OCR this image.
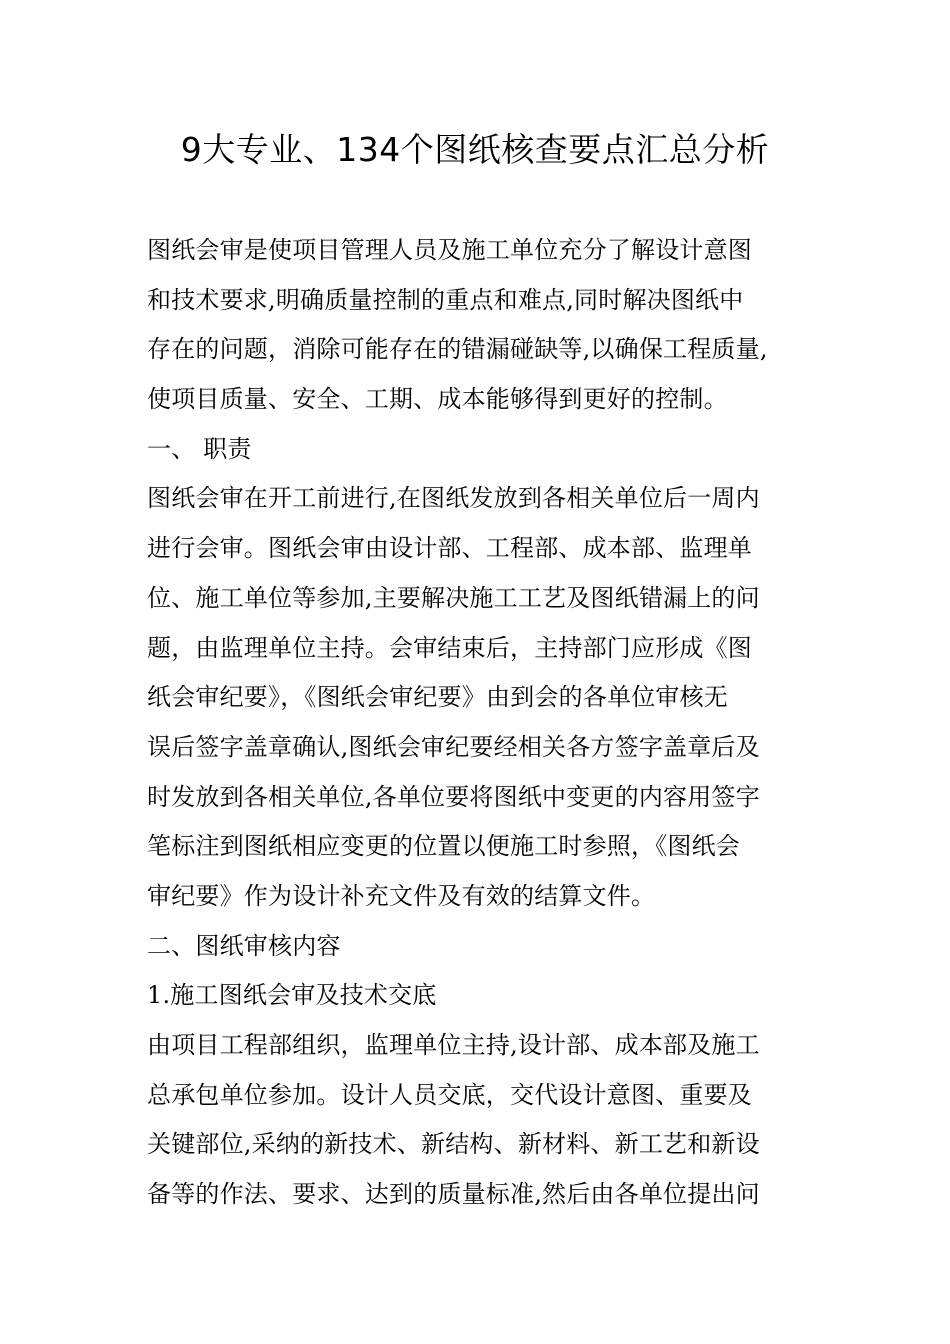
9大专业、134个图纸核查要点汇总分析
图纸会审是使项目管理人员及施工单位充分了解设计意图
和技术要求,明确质量控制的重点和难点,同时解决图纸中
存在的问题，消除可能存在的错漏碰缺等,以确保工程质量,
使项目质量、安全、工期、成本能够得到更好的控制。
一、 职责
图纸会审在开工前进行,在图纸发放到各相关单位后一周内
进行会审。图纸会审由设计部、工程部、成本部、监理单
位、施工单位等参加,主要解决施工工艺及图纸错漏上的问
题，由监理单位主持。会审结束后，主持部门应形成《图
纸会审纪要》，《图纸会审纪要》由到会的各单位审核无
误后签字盖章确认,图纸会审纪要经相关各方签字盖章后及
时发放到各相关单位,各单位要将图纸中变更的内容用签字
笔标注到图纸相应变更的位置以便施工时参照，《图纸会
审纪要》作为设计补充文件及有效的结算文件。
二、图纸审核内容
1.施工图纸会审及技术交底
由项目工程部组织，监理单位主持,设计部、成本部及施工
总承包单位参加。设计人员交底，交代设计意图、重要及
关键部位,采纳的新技术、新结构、新材料、新工艺和新设
备等的作法、要求、达到的质量标准,然后由各单位提出问
